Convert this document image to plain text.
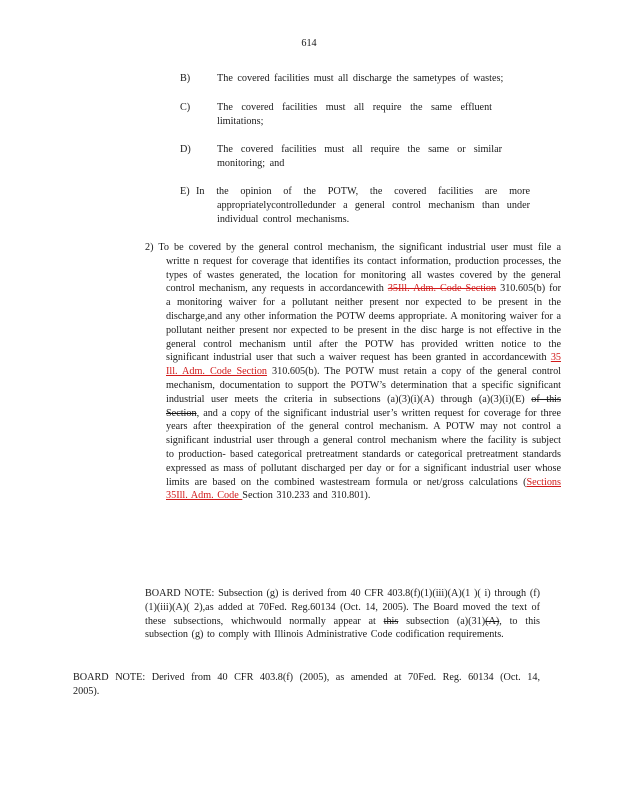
614
B)	The covered facilities must all discharge the sametypes of wastes;
C)	The covered facilities must all require the same effluent limitations;
D)	The covered facilities must all require the same or similar monitoring; and
E) In the opinion of the POTW, the covered facilities are more appropriatelycontrolledunder a general control mechanism than under individual control mechanisms.
2) To be covered by the general control mechanism, the significant industrial user must file a writte n request for coverage that identifies its contact information, production processes, the types of wastes generated, the location for monitoring all wastes covered by the general control mechanism, any requests in accordancewith 35Ill. Adm. Code Section 310.605(b) for a monitoring waiver for a pollutant neither present nor expected to be present in the discharge,and any other information the POTW deems appropriate. A monitoring waiver for a pollutant neither present nor expected to be present in the disc harge is not effective in the general control mechanism until after the POTW has provided written notice to the significant industrial user that such a waiver request has been granted in accordancewith 35 Ill. Adm. Code Section 310.605(b). The POTW must retain a copy of the general control mechanism, documentation to support the POTW’s determination that a specific significant industrial user meets the criteria in subsections (a)(3)(i)(A) through (a)(3)(i)(E) of this Section, and a copy of the significant industrial user’s written request for coverage for three years after theexpiration of the general control mechanism. A POTW may not control a significant industrial user through a general control mechanism where the facility is subject to production- based categorical pretreatment standards or categorical pretreatment standards expressed as mass of pollutant discharged per day or for a significant industrial user whose limits are based on the combined wastestream formula or net/gross calculations (Sections 35Ill. Adm. Code Section 310.233 and 310.801).
BOARD NOTE: Subsection (g) is derived from 40 CFR 403.8(f)(1)(iii)(A)(1 )( i) through (f)(1)(iii)(A)( 2),as added at 70Fed. Reg.60134 (Oct. 14, 2005). The Board moved the text of these subsections, whichwould normally appear at this subsection (a)(31)(A), to this subsection (g) to comply with Illinois Administrative Code codification requirements.
BOARD NOTE: Derived from 40 CFR 403.8(f) (2005), as amended at 70Fed. Reg. 60134 (Oct. 14, 2005).
